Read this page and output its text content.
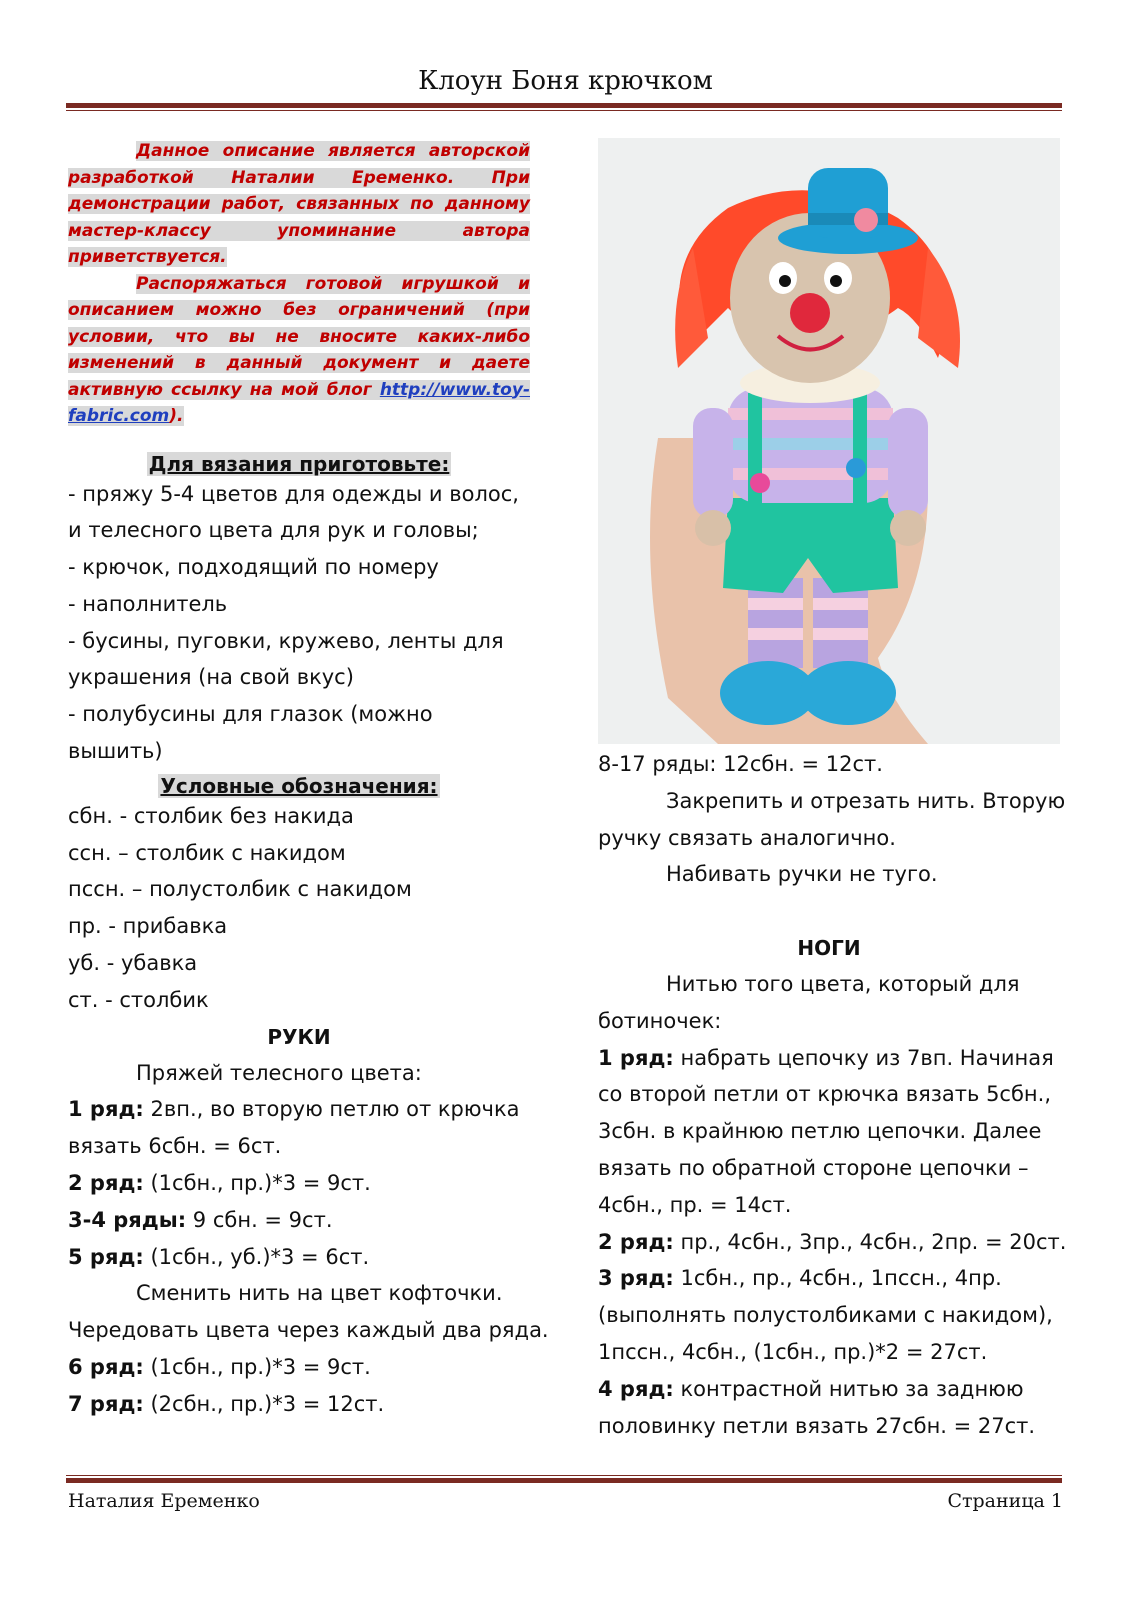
Клоун Боня крючком

Данное описание является авторской разработкой Наталии Еременко. При демонстрации работ, связанных по данному мастер-классу упоминание автора приветствуется.

Распоряжаться готовой игрушкой и описанием можно без ограничений (при условии, что вы не вносите каких-либо изменений в данный документ и даете активную ссылку на мой блог http://www.toy-fabric.com).

Для вязания приготовьте:

- пряжу 5-4 цветов для одежды и волос,

и телесного цвета для рук и головы;

- крючок, подходящий по номеру

- наполнитель

- бусины, пуговки, кружево, ленты для

украшения (на свой вкус)

- полубусины для глазок (можно

вышить)

Условные обозначения:

сбн. - столбик без накида

ссн. – столбик с накидом

пссн. – полустолбик с накидом

пр. - прибавка

уб. - убавка

ст. - столбик

РУКИ

Пряжей телесного цвета:

1 ряд: 2вп., во вторую петлю от крючка

вязать 6сбн. = 6ст.

2 ряд: (1сбн., пр.)*3 = 9ст.

3-4 ряды: 9 сбн. = 9ст.

5 ряд: (1сбн., уб.)*3 = 6ст.

Сменить нить на цвет кофточки.

Чередовать цвета через каждый два ряда.

6 ряд: (1сбн., пр.)*3 = 9ст.

7 ряд: (2сбн., пр.)*3 = 12ст.

8-17 ряды: 12сбн. = 12ст.

Закрепить и отрезать нить. Вторую

ручку связать аналогично.

Набивать ручки не туго.

НОГИ

Нитью того цвета, который для

ботиночек:

1 ряд: набрать цепочку из 7вп. Начиная

со второй петли от крючка вязать 5сбн.,

3сбн. в крайнюю петлю цепочки. Далее

вязать по обратной стороне цепочки –

4сбн., пр. = 14ст.

2 ряд: пр., 4сбн., 3пр., 4сбн., 2пр. = 20ст.

3 ряд: 1сбн., пр., 4сбн., 1пссн., 4пр.

(выполнять полустолбиками с накидом),

1пссн., 4сбн., (1сбн., пр.)*2 = 27ст.

4 ряд: контрастной нитью за заднюю

половинку петли вязать 27сбн. = 27ст.

Наталия Еременко	Страница 1
